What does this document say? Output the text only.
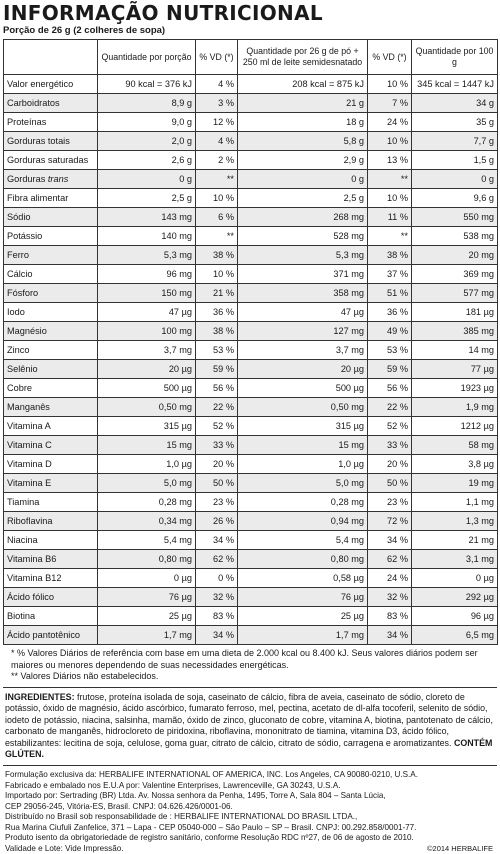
INFORMAÇÃO NUTRICIONAL
Porção de 26 g (2 colheres de sopa)
	Quantidade por porção	% VD (*)	Quantidade por 26 g de pó + 250 ml de leite semidesnatado	% VD (*)	Quantidade por 100 g
Valor energético	90 kcal = 376 kJ	4 %	208 kcal = 875 kJ	10 %	345 kcal = 1447 kJ
Carboidratos	8,9 g	3 %	21 g	7 %	34 g
Proteínas	9,0 g	12 %	18 g	24 %	35 g
Gorduras totais	2,0 g	4 %	5,8 g	10 %	7,7 g
Gorduras saturadas	2,6 g	2 %	2,9 g	13 %	1,5 g
Gorduras trans	0 g	**	0 g	**	0 g
Fibra alimentar	2,5 g	10 %	2,5 g	10 %	9,6 g
Sódio	143 mg	6 %	268 mg	11 %	550 mg
Potássio	140 mg	**	528 mg	**	538 mg
Ferro	5,3 mg	38 %	5,3 mg	38 %	20 mg
Cálcio	96 mg	10 %	371 mg	37 %	369 mg
Fósforo	150 mg	21 %	358 mg	51 %	577 mg
Iodo	47 µg	36 %	47 µg	36 %	181 µg
Magnésio	100 mg	38 %	127 mg	49 %	385 mg
Zinco	3,7 mg	53 %	3,7 mg	53 %	14 mg
Selênio	20 µg	59 %	20 µg	59 %	77 µg
Cobre	500 µg	56 %	500 µg	56 %	1923 µg
Manganês	0,50 mg	22 %	0,50 mg	22 %	1,9 mg
Vitamina A	315 µg	52 %	315 µg	52 %	1212 µg
Vitamina C	15 mg	33 %	15 mg	33 %	58 mg
Vitamina D	1,0 µg	20 %	1,0 µg	20 %	3,8 µg
Vitamina E	5,0 mg	50 %	5,0 mg	50 %	19 mg
Tiamina	0,28 mg	23 %	0,28 mg	23 %	1,1 mg
Riboflavina	0,34 mg	26 %	0,94 mg	72 %	1,3 mg
Niacina	5,4 mg	34 %	5,4 mg	34 %	21 mg
Vitamina B6	0,80 mg	62 %	0,80 mg	62 %	3,1 mg
Vitamina B12	0 µg	0 %	0,58 µg	24 %	0 µg
Ácido fólico	76 µg	32 %	76 µg	32 %	292 µg
Biotina	25 µg	83 %	25 µg	83 %	96 µg
Ácido pantotênico	1,7 mg	34 %	1,7 mg	34 %	6,5 mg
* % Valores Diários de referência com base em uma dieta de 2.000 kcal ou 8.400 kJ. Seus valores diários podem ser maiores ou menores dependendo de suas necessidades energéticas.
** Valores Diários não estabelecidos.
INGREDIENTES: frutose, proteína isolada de soja, caseinato de cálcio, fibra de aveia, caseinato de sódio, cloreto de potássio, óxido de magnésio, ácido ascórbico, fumarato ferroso, mel, pectina, acetato de dl-alfa tocoferil, selenito de sódio, iodeto de potássio, niacina, salsinha, mamão, óxido de zinco, gluconato de cobre, vitamina A, biotina, pantotenato de cálcio, carbonato de manganês, hidrocloreto de piridoxina, riboflavina, mononitrato de tiamina, vitamina D3, ácido fólico, estabilizantes: lecitina de soja, celulose, goma guar, citrato de cálcio, citrato de sódio, carragena e aromatizantes. CONTÉM GLÚTEN.
Formulação exclusiva da: HERBALIFE INTERNATIONAL OF AMERICA, INC. Los Angeles, CA 90080-0210, U.S.A.
Fabricado e embalado nos E.U.A por: Valentine Enterprises, Lawrenceville, GA 30243, U.S.A.
Importado por: Sertrading (BR) Ltda. Av. Nossa senhora da Penha, 1495, Torre A, Sala 804 – Santa Lúcia,
CEP 29056-245, Vitória-ES, Brasil. CNPJ: 04.626.426/0001-06.
Distribuído no Brasil sob responsabilidade de : HERBALIFE INTERNATIONAL DO BRASIL LTDA.,
Rua Marina Ciufuli Zanfelice, 371 – Lapa - CEP 05040-000 – São Paulo – SP – Brasil. CNPJ: 00.292.858/0001-77.
Produto isento da obrigatoriedade de registro sanitário, conforme Resolução RDC nº27, de 06 de agosto de 2010.
Validade e Lote: Vide Impressão.	©2014 HERBALIFE
